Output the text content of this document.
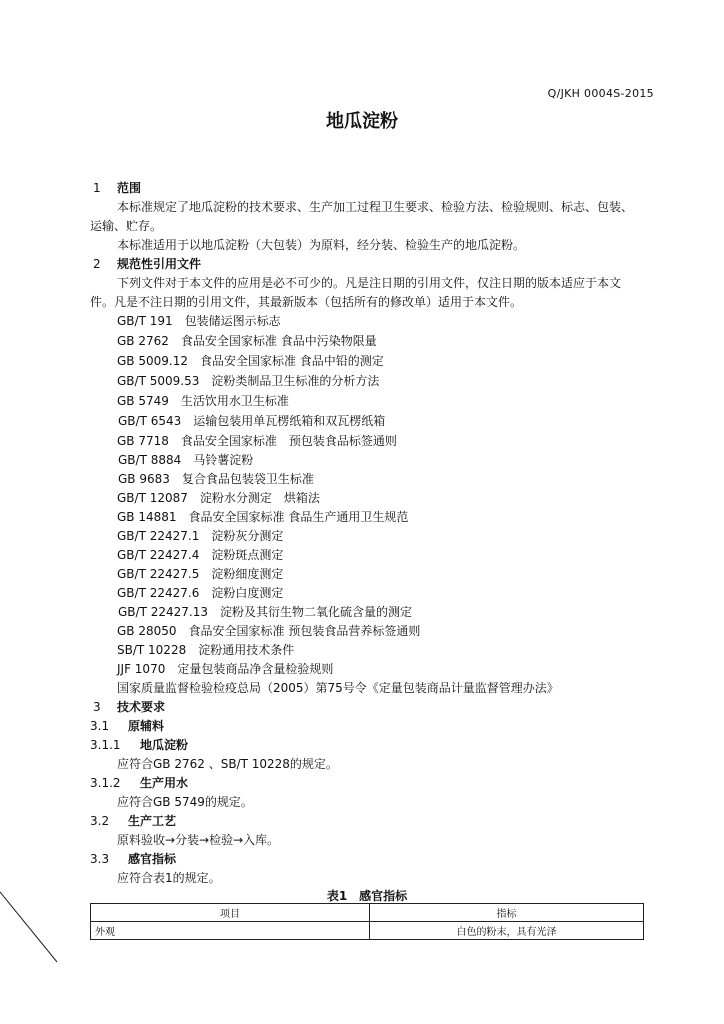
Q/JKH 0004S-2015
地瓜淀粉
1 范围
本标准规定了地瓜淀粉的技术要求、生产加工过程卫生要求、检验方法、检验规则、标志、包装、
运输、贮存。
本标准适用于以地瓜淀粉（大包装）为原料，经分装、检验生产的地瓜淀粉。
2 规范性引用文件
下列文件对于本文件的应用是必不可少的。凡是注日期的引用文件，仅注日期的版本适应于本文
件。凡是不注日期的引用文件，其最新版本（包括所有的修改单）适用于本文件。
GB/T 191　包装储运图示标志
GB 2762　食品安全国家标准 食品中污染物限量
GB 5009.12　食品安全国家标准 食品中铅的测定
GB/T 5009.53　淀粉类制品卫生标准的分析方法
GB 5749　生活饮用水卫生标准
GB/T 6543　运输包装用单瓦楞纸箱和双瓦楞纸箱
GB 7718　食品安全国家标准　预包装食品标签通则
GB/T 8884　马铃薯淀粉
GB 9683　复合食品包装袋卫生标准
GB/T 12087　淀粉水分测定　烘箱法
GB 14881　食品安全国家标准 食品生产通用卫生规范
GB/T 22427.1　淀粉灰分测定
GB/T 22427.4　淀粉斑点测定
GB/T 22427.5　淀粉细度测定
GB/T 22427.6　淀粉白度测定
GB/T 22427.13　淀粉及其衍生物二氧化硫含量的测定
GB 28050　食品安全国家标准 预包装食品营养标签通则
SB/T 10228　淀粉通用技术条件
JJF 1070　定量包装商品净含量检验规则
国家质量监督检验检疫总局（2005）第75号令《定量包装商品计量监督管理办法》
3 技术要求
3.1 原辅料
3.1.1 地瓜淀粉
应符合GB 2762 、SB/T 10228的规定。
3.1.2 生产用水
应符合GB 5749的规定。
3.2 生产工艺
原料验收→分装→检验→入库。
3.3 感官指标
应符合表1的规定。
表1　感官指标
项目	指标
外观	白色的粉末，具有光泽
